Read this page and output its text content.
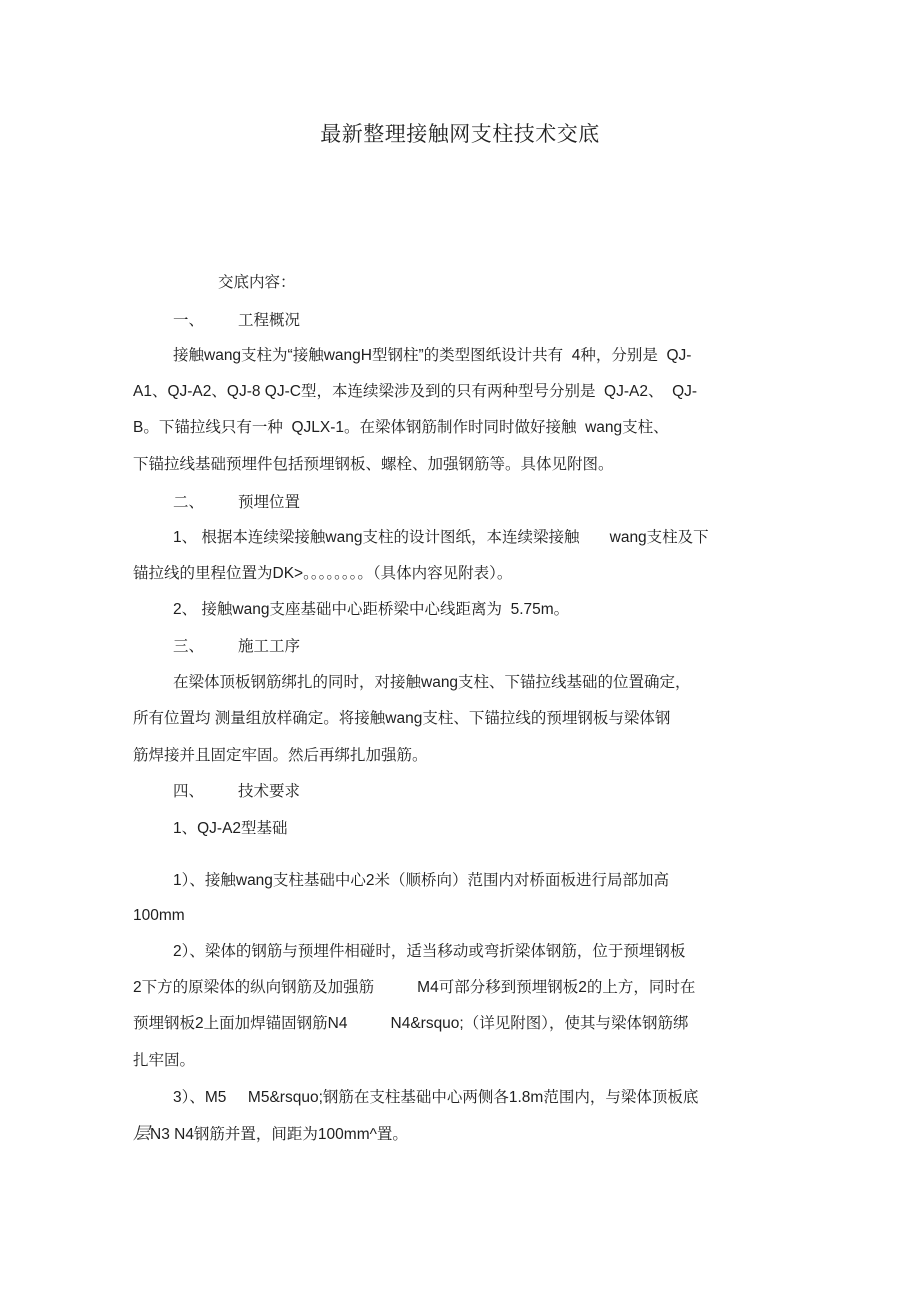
最新整理接触网支柱技术交底
交底内容：
一、 工程概况
接触wang支柱为“接触wangH型钢柱”的类型图纸设计共有  4种，分别是  QJ-
A1、QJ-A2、QJ-8 QJ-C型，本连续梁涉及到的只有两种型号分别是  QJ-A2、  QJ-
B。下锚拉线只有一种  QJLX-1。在梁体钢筋制作时同时做好接触  wang支柱、
下锚拉线基础预埋件包括预埋钢板、螺栓、加强钢筋等。具体见附图。
二、 预埋位置
1、 根据本连续梁接触wang支柱的设计图纸，本连续梁接触       wang支柱及下
锚拉线的里程位置为DK>。。。。。。。。（具体内容见附表）。
2、 接触wang支座基础中心距桥梁中心线距离为  5.75m。
三、 施工工序
在梁体顶板钢筋绑扎的同时，对接触wang支柱、下锚拉线基础的位置确定，
所有位置均 测量组放样确定。将接触wang支柱、下锚拉线的预埋钢板与梁体钢
筋焊接并且固定牢固。然后再绑扎加强筋。
四、 技术要求
1、QJ-A2型基础
1）、接触wang支柱基础中心2米（顺桥向）范围内对桥面板进行局部加高
100mm
2）、梁体的钢筋与预埋件相碰时，适当移动或弯折梁体钢筋，位于预埋钢板
2下方的原梁体的纵向钢筋及加强筋          M4可部分移到预埋钢板2的上方，同时在
预埋钢板2上面加焊锚固钢筋N4          N4&rsquo;（详见附图），使其与梁体钢筋绑
扎牢固。
3）、M5     M5&rsquo;钢筋在支柱基础中心两侧各1.8m范围内，与梁体顶板底
层N3 N4钢筋并置，间距为100mm^置。
